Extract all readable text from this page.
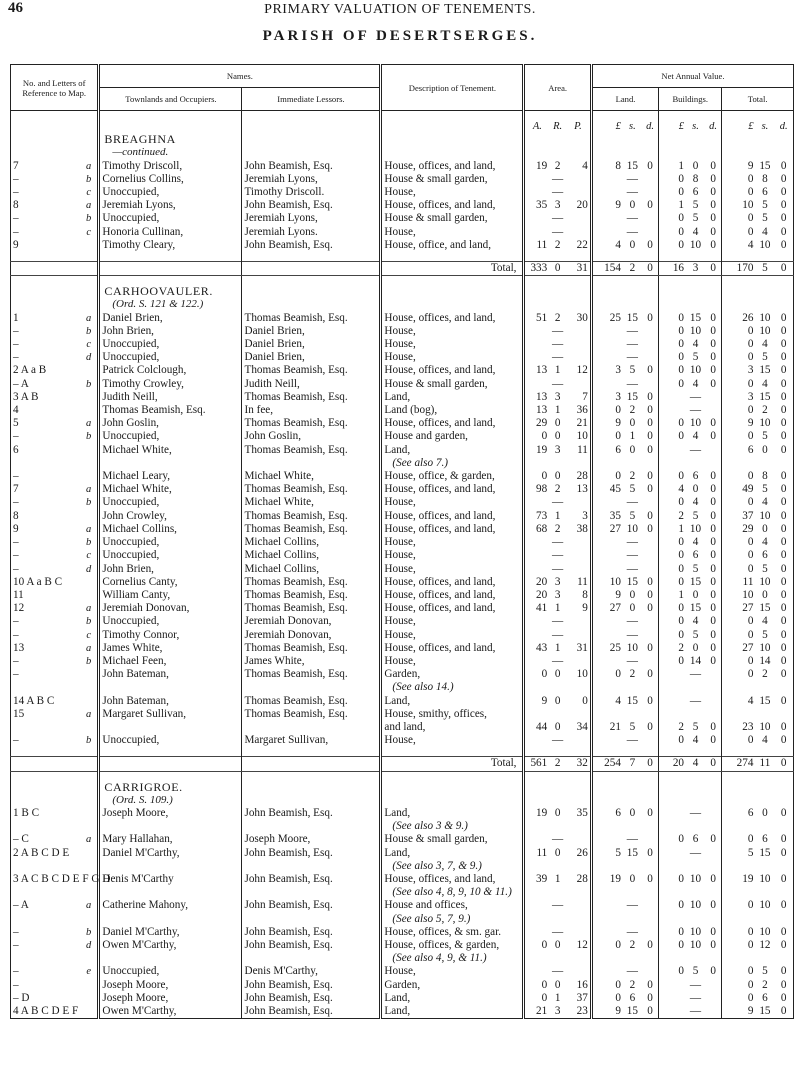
46	PRIMARY VALUATION OF TENEMENTS.
PARISH OF DESERTSERGES.
No. and Letters of Reference to Map.		Names.		Description of Tenement.	Area.			Net Annual Value.								
		Townlands and Occupiers.	Immediate Lessors.					Land.			Buildings.			Total.		

					A.	R.	P.	£	s.	d.	£	s.	d.	£	s.	d.
		BREAGHNA														
		—continued.														
7	a	Timothy Driscoll,	John Beamish, Esq.	House, offices, and land,	19	2	4	8	15	0	1	0	0	9	15	0
–	b	Cornelius Collins,	Jeremiah Lyons,	House & small garden,		—			—		0	8	0	0	8	0
–	c	Unoccupied,	Timothy Driscoll.	House,		—			—		0	6	0	0	6	0
8	a	Jeremiah Lyons,	John Beamish, Esq.	House, offices, and land,	35	3	20	9	0	0	1	5	0	10	5	0
–	b	Unoccupied,	Jeremiah Lyons,	House & small garden,		—			—		0	5	0	0	5	0
–	c	Honoria Cullinan,	Jeremiah Lyons.	House,		—			—		0	4	0	0	4	0
9		Timothy Cleary,	John Beamish, Esq.	House, office, and land,	11	2	22	4	0	0	0	10	0	4	10	0

				Total,	333	0	31	154	2	0	16	3	0	170	5	0

		CARHOOVAULER.														
		(Ord. S. 121 & 122.)														
1	a	Daniel Brien,	Thomas Beamish, Esq.	House, offices, and land,	51	2	30	25	15	0	0	15	0	26	10	0
–	b	John Brien,	Daniel Brien,	House,		—			—		0	10	0	0	10	0
–	c	Unoccupied,	Daniel Brien,	House,		—			—		0	4	0	0	4	0
–	d	Unoccupied,	Daniel Brien,	House,		—			—		0	5	0	0	5	0
2 A a B		Patrick Colclough,	Thomas Beamish, Esq.	House, offices, and land,	13	1	12	3	5	0	0	10	0	3	15	0
– A	b	Timothy Crowley,	Judith Neill,	House & small garden,		—			—		0	4	0	0	4	0
3 A B		Judith Neill,	Thomas Beamish, Esq.	Land,	13	3	7	3	15	0		—		3	15	0
4		Thomas Beamish, Esq.	In fee,	Land (bog),	13	1	36	0	2	0		—		0	2	0
5	a	John Goslin,	Thomas Beamish, Esq.	House, offices, and land,	29	0	21	9	0	0	0	10	0	9	10	0
–	b	Unoccupied,	John Goslin,	House and garden,	0	0	10	0	1	0	0	4	0	0	5	0
6		Michael White,	Thomas Beamish, Esq.	Land,	19	3	11	6	0	0		—		6	0	0
				(See also 7.)												
–		Michael Leary,	Michael White,	House, office, & garden,	0	0	28	0	2	0	0	6	0	0	8	0
7	a	Michael White,	Thomas Beamish, Esq.	House, offices, and land,	98	2	13	45	5	0	4	0	0	49	5	0
–	b	Unoccupied,	Michael White,	House,		—			—		0	4	0	0	4	0
8		John Crowley,	Thomas Beamish, Esq.	House, offices, and land,	73	1	3	35	5	0	2	5	0	37	10	0
9	a	Michael Collins,	Thomas Beamish, Esq.	House, offices, and land,	68	2	38	27	10	0	1	10	0	29	0	0
–	b	Unoccupied,	Michael Collins,	House,		—			—		0	4	0	0	4	0
–	c	Unoccupied,	Michael Collins,	House,		—			—		0	6	0	0	6	0
–	d	John Brien,	Michael Collins,	House,		—			—		0	5	0	0	5	0
10 A a B C		Cornelius Canty,	Thomas Beamish, Esq.	House, offices, and land,	20	3	11	10	15	0	0	15	0	11	10	0
11		William Canty,	Thomas Beamish, Esq.	House, offices, and land,	20	3	8	9	0	0	1	0	0	10	0	0
12	a	Jeremiah Donovan,	Thomas Beamish, Esq.	House, offices, and land,	41	1	9	27	0	0	0	15	0	27	15	0
–	b	Unoccupied,	Jeremiah Donovan,	House,		—			—		0	4	0	0	4	0
–	c	Timothy Connor,	Jeremiah Donovan,	House,		—			—		0	5	0	0	5	0
13	a	James White,	Thomas Beamish, Esq.	House, offices, and land,	43	1	31	25	10	0	2	0	0	27	10	0
–	b	Michael Feen,	James White,	House,		—			—		0	14	0	0	14	0
–		John Bateman,	Thomas Beamish, Esq.	Garden,	0	0	10	0	2	0		—		0	2	0
				(See also 14.)												
14 A B C		John Bateman,	Thomas Beamish, Esq.	Land,	9	0	0	4	15	0		—		4	15	0
15	a	Margaret Sullivan,	Thomas Beamish, Esq.	House, smithy, offices,												
				and land,	44	0	34	21	5	0	2	5	0	23	10	0
–	b	Unoccupied,	Margaret Sullivan,	House,		—			—		0	4	0	0	4	0

				Total,	561	2	32	254	7	0	20	4	0	274	11	0

		CARRIGROE.														
		(Ord. S. 109.)														
1 B C		Joseph Moore,	John Beamish, Esq.	Land,	19	0	35	6	0	0		—		6	0	0
				(See also 3 & 9.)												
– C	a	Mary Hallahan,	Joseph Moore,	House & small garden,		—			—		0	6	0	0	6	0
2 A B C D E		Daniel M'Carthy,	John Beamish, Esq.	Land,	11	0	26	5	15	0		—		5	15	0
				(See also 3, 7, & 9.)												
3 A C B C D E F G H		Denis M'Carthy	John Beamish, Esq.	House, offices, and land,	39	1	28	19	0	0	0	10	0	19	10	0
				(See also 4, 8, 9, 10 & 11.)												
– A	a	Catherine Mahony,	John Beamish, Esq.	House and offices,		—			—		0	10	0	0	10	0
				(See also 5, 7, 9.)												
–	b	Daniel M'Carthy,	John Beamish, Esq.	House, offices, & sm. gar.		—			—		0	10	0	0	10	0
–	d	Owen M'Carthy,	John Beamish, Esq.	House, offices, & garden,	0	0	12	0	2	0	0	10	0	0	12	0
				(See also 4, 9, & 11.)												
–	e	Unoccupied,	Denis M'Carthy,	House,		—			—		0	5	0	0	5	0
–		Joseph Moore,	John Beamish, Esq.	Garden,	0	0	16	0	2	0		—		0	2	0
– D		Joseph Moore,	John Beamish, Esq.	Land,	0	1	37	0	6	0		—		0	6	0
4 A B C D E F		Owen M'Carthy,	John Beamish, Esq.	Land,	21	3	23	9	15	0		—		9	15	0
